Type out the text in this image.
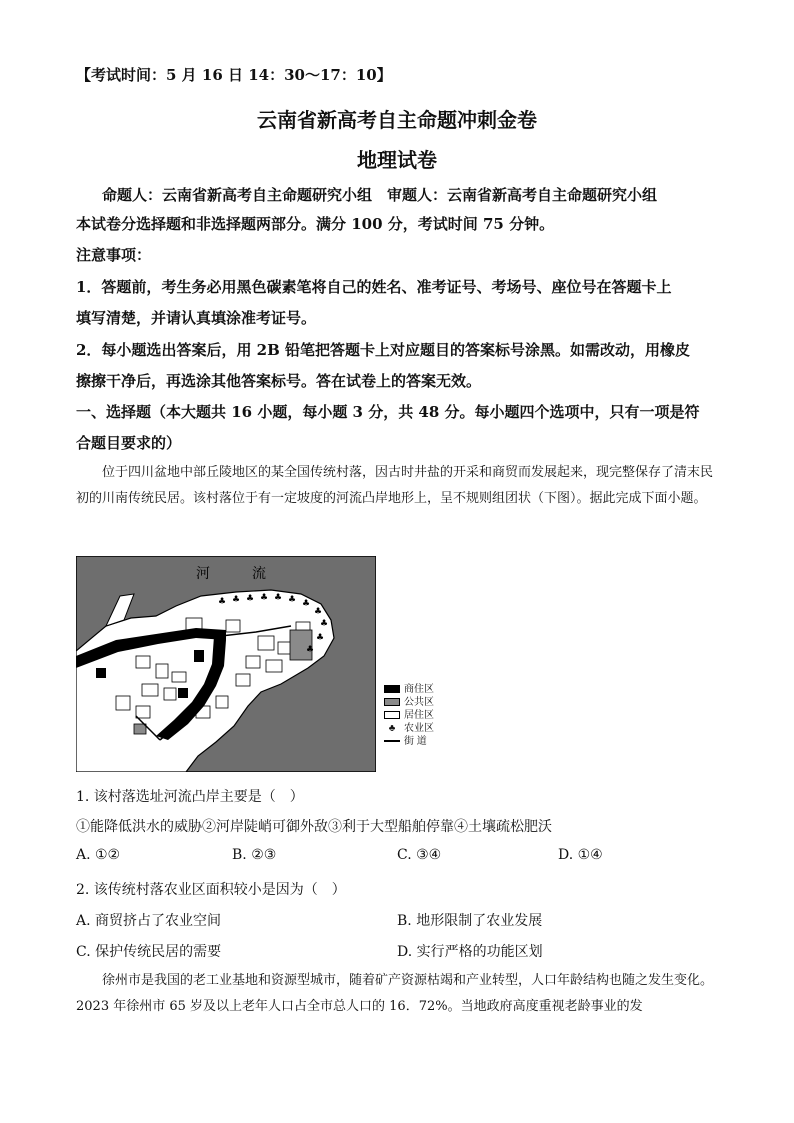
【考试时间：5 月 16 日 14：30～17：10】
云南省新高考自主命题冲刺金卷
地理试卷
命题人：云南省新高考自主命题研究小组　审题人：云南省新高考自主命题研究小组
本试卷分选择题和非选择题两部分。满分 100 分，考试时间 75 分钟。
注意事项：
1．答题前，考生务必用黑色碳素笔将自己的姓名、准考证号、考场号、座位号在答题卡上
填写清楚，并请认真填涂准考证号。
2．每小题选出答案后，用 2B 铅笔把答题卡上对应题目的答案标号涂黑。如需改动，用橡皮
擦擦干净后，再选涂其他答案标号。答在试卷上的答案无效。
一、选择题（本大题共 16 小题，每小题 3 分，共 48 分。每小题四个选项中，只有一项是符
合题目要求的）
位于四川盆地中部丘陵地区的某全国传统村落，因古时井盐的开采和商贸而发展起来，现完整保存了清末民初的川南传统民居。该村落位于有一定坡度的河流凸岸地形上，呈不规则组团状（下图）。据此完成下面小题。
♣ ♣ ♣ ♣ ♣ ♣ ♣
♣
♣
♣
♣
河	流
商住区
公共区
居住区
♣ 农业区
街 道
1. 该村落选址河流凸岸主要是（　）
①能降低洪水的威胁②河岸陡峭可御外敌③利于大型船舶停靠④土壤疏松肥沃
A. ①②	B. ②③	C. ③④	D. ①④
2. 该传统村落农业区面积较小是因为（　）
A. 商贸挤占了农业空间	B. 地形限制了农业发展
C. 保护传统民居的需要	D. 实行严格的功能区划
徐州市是我国的老工业基地和资源型城市，随着矿产资源枯竭和产业转型，人口年龄结构也随之发生变化。2023 年徐州市 65 岁及以上老年人口占全市总人口的 16．72%。当地政府高度重视老龄事业的发
